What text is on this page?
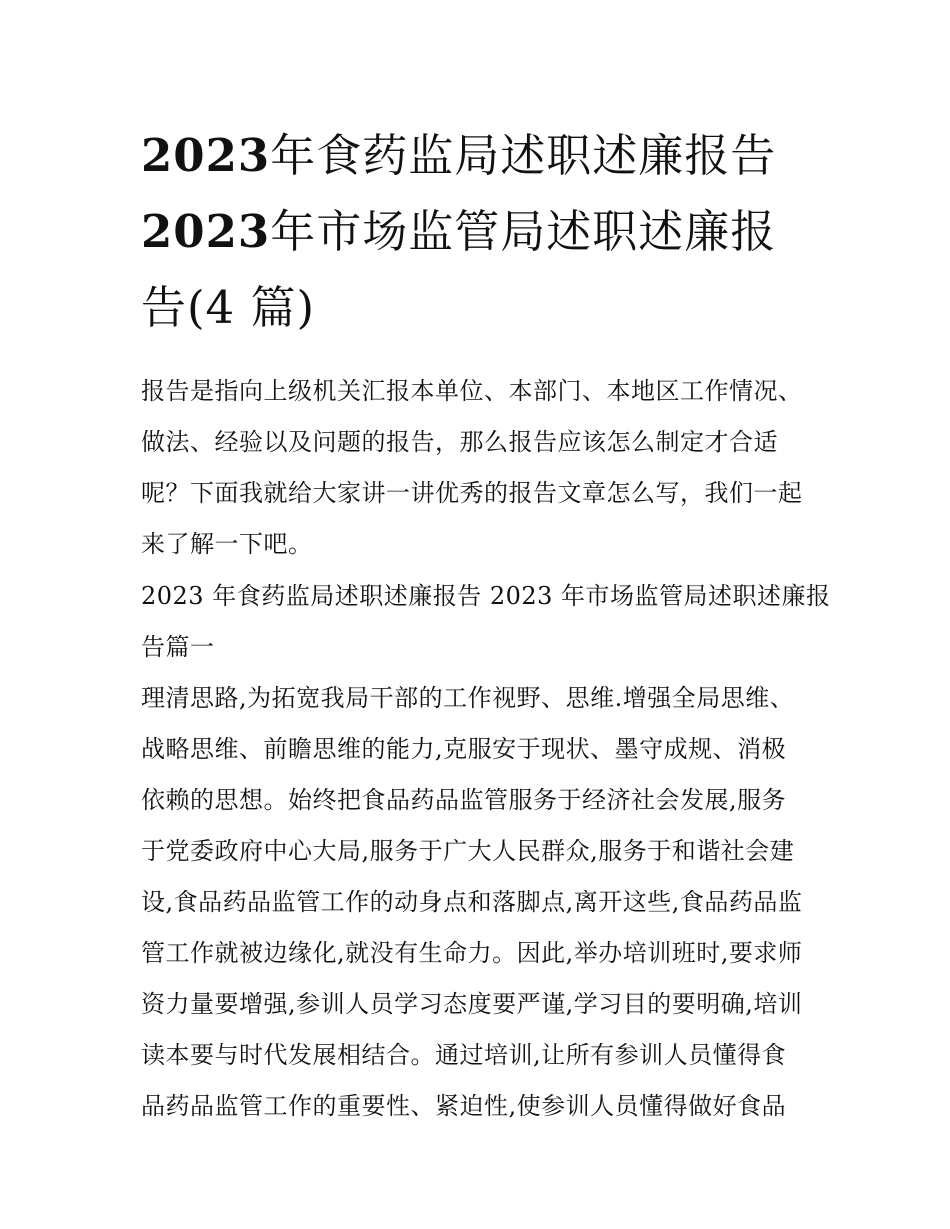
2023年食药监局述职述廉报告

2023年市场监管局述职述廉报

告(4 篇)

报告是指向上级机关汇报本单位、本部门、本地区工作情况、

做法、经验以及问题的报告，那么报告应该怎么制定才合适

呢？下面我就给大家讲一讲优秀的报告文章怎么写，我们一起

来了解一下吧。

2023 年食药监局述职述廉报告 2023 年市场监管局述职述廉报

告篇一

理清思路,为拓宽我局干部的工作视野、思维.增强全局思维、

战略思维、前瞻思维的能力,克服安于现状、墨守成规、消极

依赖的思想。始终把食品药品监管服务于经济社会发展,服务

于党委政府中心大局,服务于广大人民群众,服务于和谐社会建

设,食品药品监管工作的动身点和落脚点,离开这些,食品药品监

管工作就被边缘化,就没有生命力。因此,举办培训班时,要求师

资力量要增强,参训人员学习态度要严谨,学习目的要明确,培训

读本要与时代发展相结合。通过培训,让所有参训人员懂得食

品药品监管工作的重要性、紧迫性,使参训人员懂得做好食品
